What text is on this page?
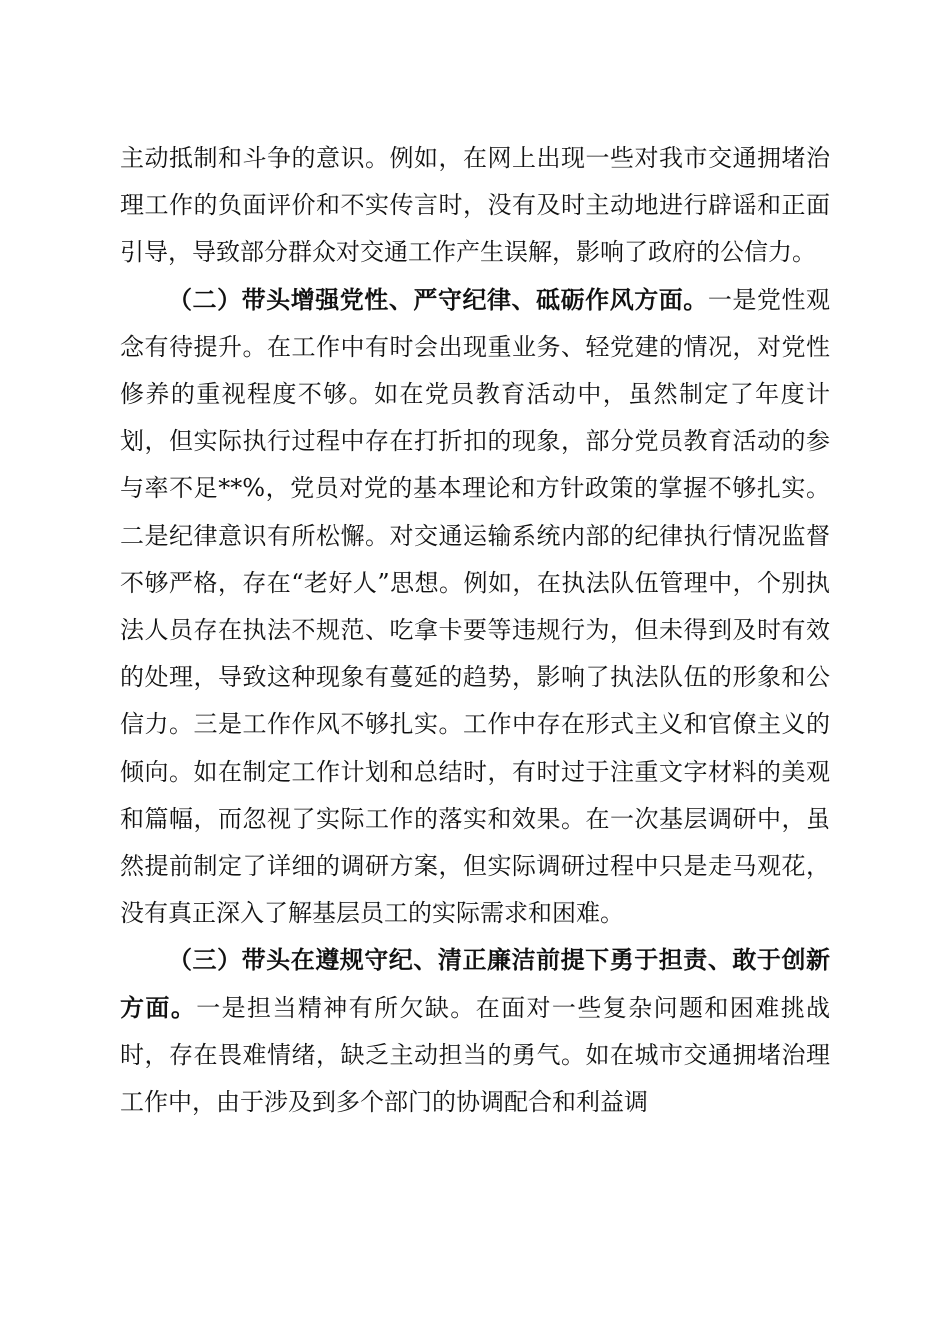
主动抵制和斗争的意识。例如，在网上出现一些对我市交通拥堵治理工作的负面评价和不实传言时，没有及时主动地进行辟谣和正面引导，导致部分群众对交通工作产生误解，影响了政府的公信力。

（二）带头增强党性、严守纪律、砥砺作风方面。一是党性观念有待提升。在工作中有时会出现重业务、轻党建的情况，对党性修养的重视程度不够。如在党员教育活动中，虽然制定了年度计划，但实际执行过程中存在打折扣的现象，部分党员教育活动的参与率不足**%，党员对党的基本理论和方针政策的掌握不够扎实。二是纪律意识有所松懈。对交通运输系统内部的纪律执行情况监督不够严格，存在“老好人”思想。例如，在执法队伍管理中，个别执法人员存在执法不规范、吃拿卡要等违规行为，但未得到及时有效的处理，导致这种现象有蔓延的趋势，影响了执法队伍的形象和公信力。三是工作作风不够扎实。工作中存在形式主义和官僚主义的倾向。如在制定工作计划和总结时，有时过于注重文字材料的美观和篇幅，而忽视了实际工作的落实和效果。在一次基层调研中，虽然提前制定了详细的调研方案，但实际调研过程中只是走马观花，没有真正深入了解基层员工的实际需求和困难。

（三）带头在遵规守纪、清正廉洁前提下勇于担责、敢于创新方面。一是担当精神有所欠缺。在面对一些复杂问题和困难挑战时，存在畏难情绪，缺乏主动担当的勇气。如在城市交通拥堵治理工作中，由于涉及到多个部门的协调配合和利益调
